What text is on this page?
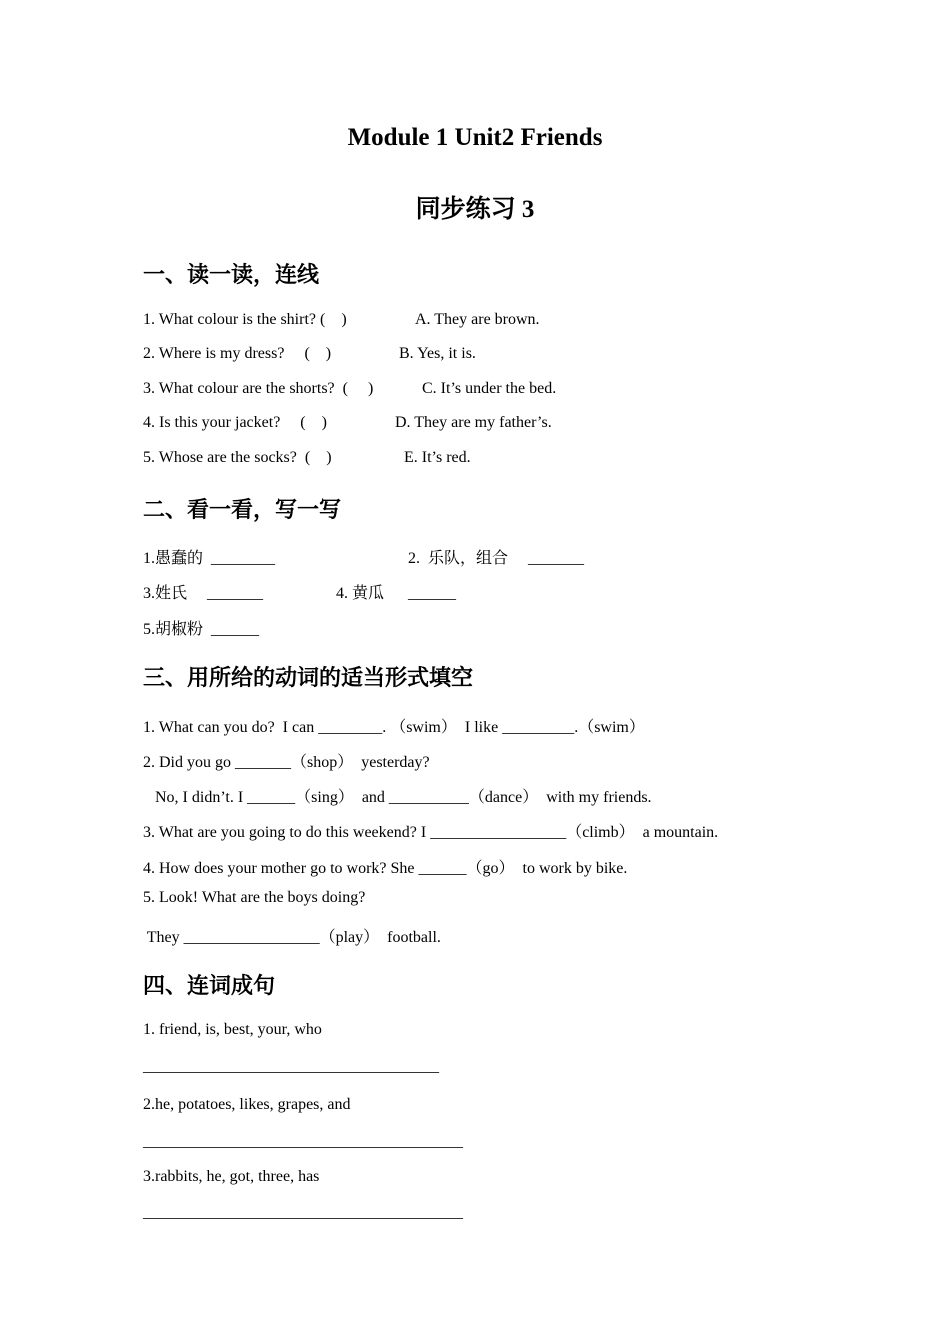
Module 1 Unit2 Friends
同步练习 3
一、读一读，连线
1. What colour is the shirt? (    )	A. They are brown.
2. Where is my dress?     (    )	B. Yes, it is.
3. What colour are the shorts?  (     )	C. It’s under the bed.
4. Is this your jacket?     (    )	D. They are my father’s.
5. Whose are the socks?  (    )	E. It’s red.
二、看一看，写一写
1.愚蠢的  ________	2.  乐队，组合     _______
3.姓氏     _______	4. 黄瓜      ______
5.胡椒粉  ______
三、用所给的动词的适当形式填空
1. What can you do?  I can ________. （swim）  I like _________.（swim）
2. Did you go _______（shop）  yesterday?
No, I didn’t. I ______（sing）  and __________（dance）  with my friends.
3. What are you going to do this weekend? I _________________（climb）  a mountain.
4. How does your mother go to work? She ______（go）  to work by bike.
5. Look! What are the boys doing?
They _________________（play）  football.
四、连词成句
1. friend, is, best, your, who
_____________________________________
2.he, potatoes, likes, grapes, and
________________________________________
3.rabbits, he, got, three, has
________________________________________
